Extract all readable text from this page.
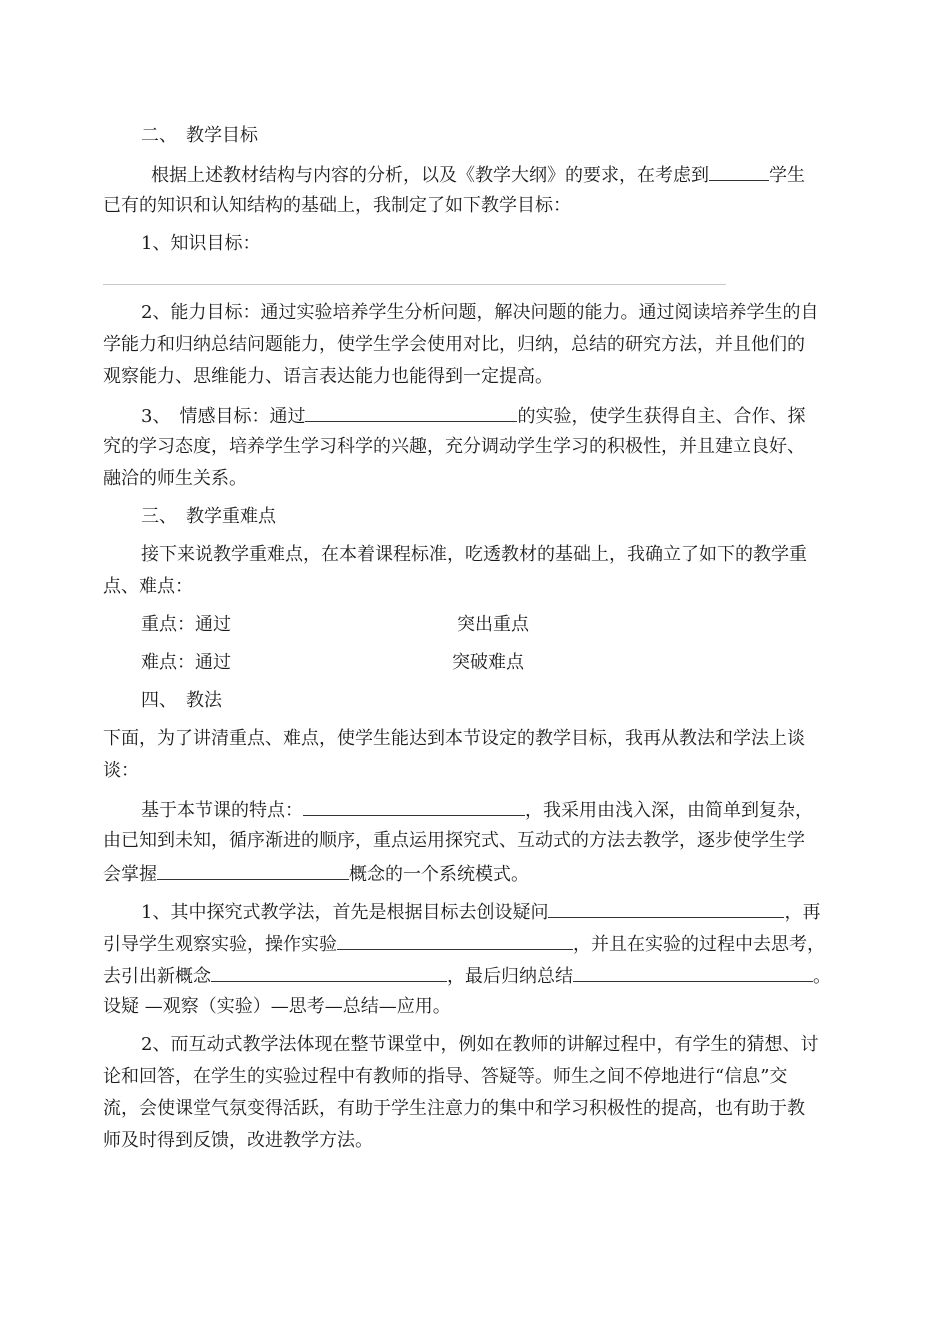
二、　教学目标
根据上述教材结构与内容的分析，以及《教学大纲》的要求，在考虑到	学生
已有的知识和认知结构的基础上，我制定了如下教学目标：
1、知识目标：
2、能力目标：通过实验培养学生分析问题，解决问题的能力。通过阅读培养学生的自
学能力和归纳总结问题能力，使学生学会使用对比，归纳，总结的研究方法，并且他们的
观察能力、思维能力、语言表达能力也能得到一定提高。
3、　情感目标：通过	的实验，使学生获得自主、合作、探
究的学习态度，培养学生学习科学的兴趣，充分调动学生学习的积极性，并且建立良好、
融洽的师生关系。
三、　教学重难点
接下来说教学重难点，在本着课程标准，吃透教材的基础上，我确立了如下的教学重
点、难点：
重点：通过	突出重点
难点：通过	突破难点
四、　教法
下面，为了讲清重点、难点，使学生能达到本节设定的教学目标，我再从教法和学法上谈
谈：
基于本节课的特点：	，我采用由浅入深，由简单到复杂，
由已知到未知，循序渐进的顺序，重点运用探究式、互动式的方法去教学，逐步使学生学
会掌握	概念的一个系统模式。
1、其中探究式教学法，首先是根据目标去创设疑问	，再
引导学生观察实验，操作实验	，并且在实验的过程中去思考，
去引出新概念	，最后归纳总结	。
设疑 —观察（实验）—思考—总结—应用。
2、而互动式教学法体现在整节课堂中，例如在教师的讲解过程中，有学生的猜想、讨
论和回答，在学生的实验过程中有教师的指导、答疑等。师生之间不停地进行“信息”交
流，会使课堂气氛变得活跃，有助于学生注意力的集中和学习积极性的提高，也有助于教
师及时得到反馈，改进教学方法。
